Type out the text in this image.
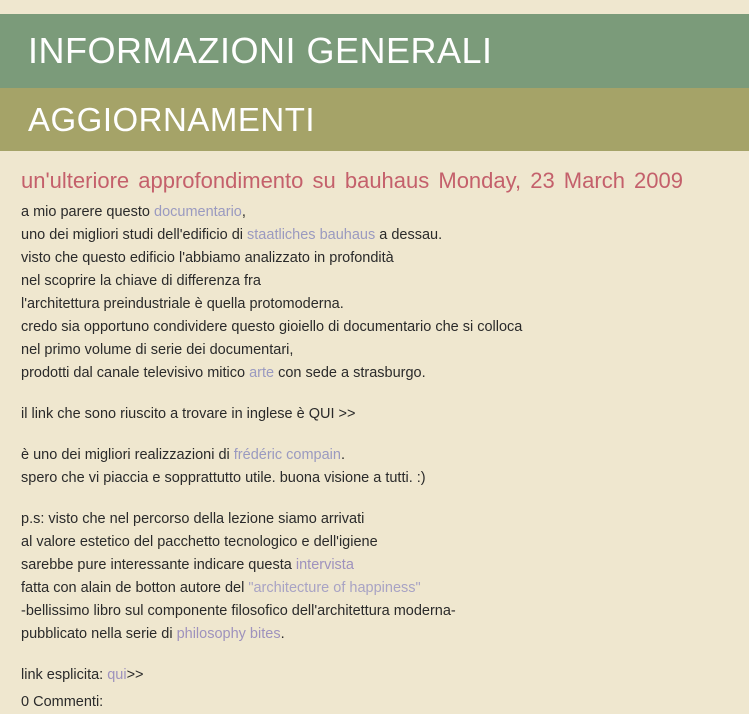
INFORMAZIONI GENERALI
AGGIORNAMENTI
un'ulteriore approfondimento su bauhaus Monday, 23 March 2009

a mio parere questo documentario,

uno dei migliori studi dell'edificio di staatliches bauhaus a dessau.

visto che questo edificio l'abbiamo analizzato in profondità

nel scoprire la chiave di differenza fra

l'architettura preindustriale è quella protomoderna.

credo sia opportuno condividere questo gioiello di documentario che si colloca

nel primo volume di serie dei documentari,

prodotti dal canale televisivo mitico arte con sede a strasburgo.

il link che sono riuscito a trovare in inglese è QUI >>

è uno dei migliori realizzazioni di frédéric compain.

spero che vi piaccia e sopprattutto utile. buona visione a tutti. :)

p.s: visto che nel percorso della lezione siamo arrivati

al valore estetico del pacchetto tecnologico e dell'igiene

sarebbe pure interessante indicare questa intervista

fatta con alain de botton autore del "architecture of happiness"

-bellissimo libro sul componente filosofico dell'architettura moderna-

pubblicato nella serie di philosophy bites.

link esplicita: qui>>

0 Commenti:
